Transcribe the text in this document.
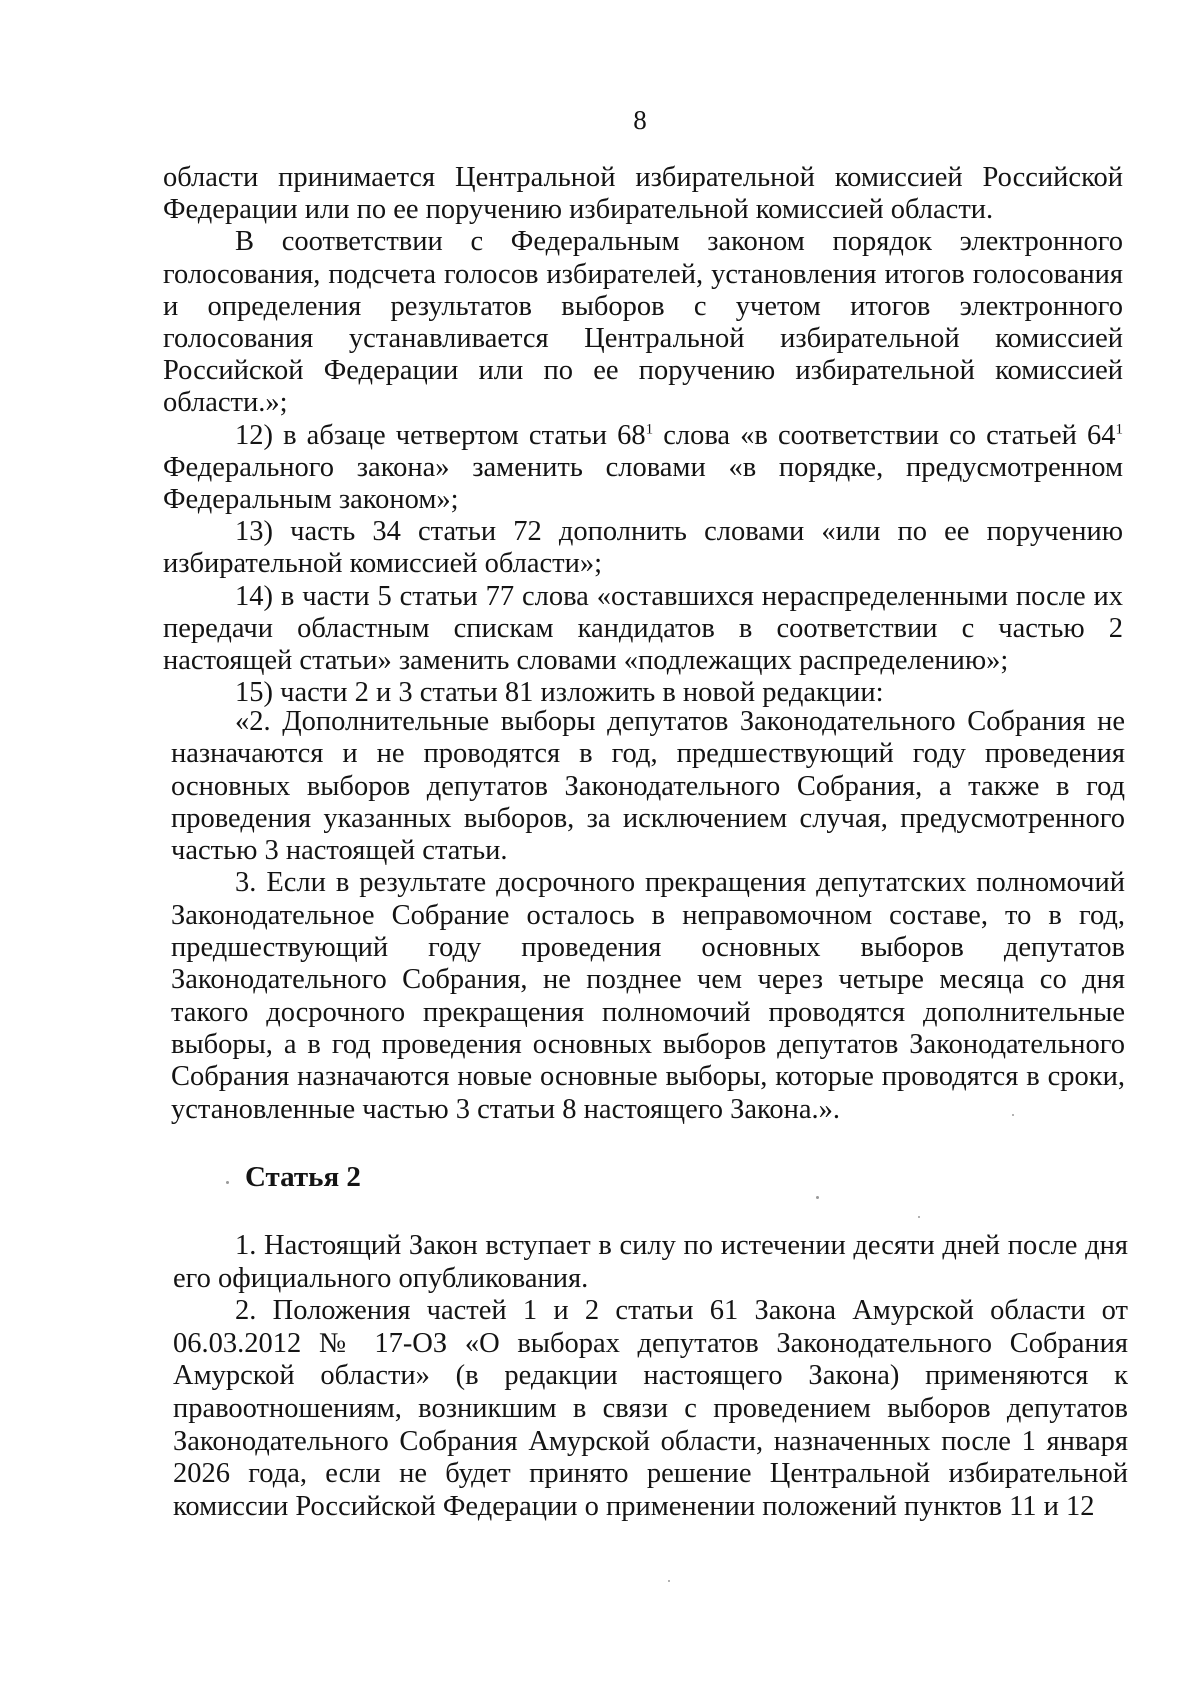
8

области принимается Центральной избирательной комиссией Российской Федерации или по ее поручению избирательной комиссией области.

В соответствии с Федеральным законом порядок электронного голосования, подсчета голосов избирателей, установления итогов голосования и определения результатов выборов с учетом итогов электронного голосования устанавливается Центральной избирательной комиссией Российской Федерации или по ее поручению избирательной комиссией области.»;

12) в абзаце четвертом статьи $68^1$ слова «в соответствии со статьей $64^1$ Федерального закона» заменить словами «в порядке, предусмотренном Федеральным законом»;

13) часть 34 статьи 72 дополнить словами «или по ее поручению избирательной комиссией области»;

14) в части 5 статьи 77 слова «оставшихся нераспределенными после их передачи областным спискам кандидатов в соответствии с частью 2 настоящей статьи» заменить словами «подлежащих распределению»;

15) части 2 и 3 статьи 81 изложить в новой редакции:

«2. Дополнительные выборы депутатов Законодательного Собрания не назначаются и не проводятся в год, предшествующий году проведения основных выборов депутатов Законодательного Собрания, а также в год проведения указанных выборов, за исключением случая, предусмотренного частью 3 настоящей статьи.

3. Если в результате досрочного прекращения депутатских полномочий Законодательное Собрание осталось в неправомочном составе, то в год, предшествующий году проведения основных выборов депутатов Законодательного Собрания, не позднее чем через четыре месяца со дня такого досрочного прекращения полномочий проводятся дополнительные выборы, а в год проведения основных выборов депутатов Законодательного Собрания назначаются новые основные выборы, которые проводятся в сроки, установленные частью 3 статьи 8 настоящего Закона.».

Статья 2

1. Настоящий Закон вступает в силу по истечении десяти дней после дня его официального опубликования.

2. Положения частей 1 и 2 статьи 61 Закона Амурской области от 06.03.2012 № 17-ОЗ «О выборах депутатов Законодательного Собрания Амурской области» (в редакции настоящего Закона) применяются к правоотношениям, возникшим в связи с проведением выборов депутатов Законодательного Собрания Амурской области, назначенных после 1 января 2026 года, если не будет принято решение Центральной избирательной комиссии Российской Федерации о применении положений пунктов 11 и 12
